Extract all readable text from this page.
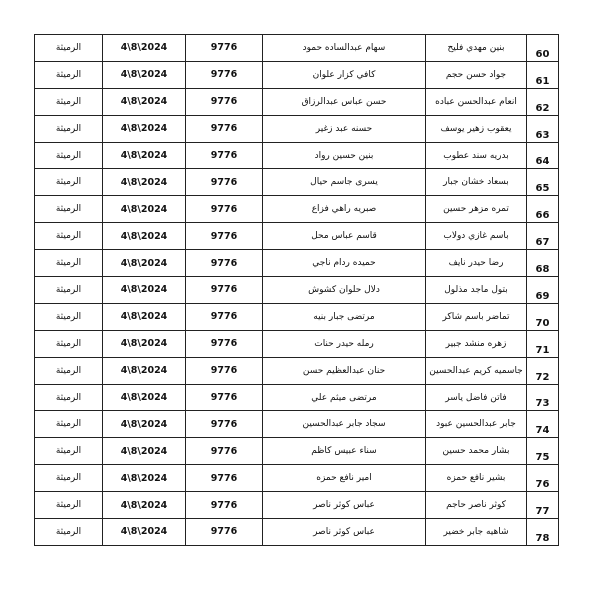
الرميثة	4\8\2024	9776	سهام عبدالساده حمود	بنين مهدي فليح	60
الرميثة	4\8\2024	9776	كافي كزار علوان	جواد حسن حجم	61
الرميثة	4\8\2024	9776	حسن عباس عبدالرزاق	انعام عبدالحسن عباده	62
الرميثة	4\8\2024	9776	حسنه عبد زغير	يعقوب زهير يوسف	63
الرميثة	4\8\2024	9776	بنين حسين رواد	بدريه سند عطوب	64
الرميثة	4\8\2024	9776	يسرى جاسم حيال	بسعاد خشان جبار	65
الرميثة	4\8\2024	9776	صبريه راهي فزاع	تمره مزهر حسين	66
الرميثة	4\8\2024	9776	قاسم عباس محل	باسم غازي دولاب	67
الرميثة	4\8\2024	9776	حميده ردام ناجي	رضا حيدر نايف	68
الرميثة	4\8\2024	9776	دلال حلوان كشوش	بتول ماجد مذلول	69
الرميثة	4\8\2024	9776	مرتضى جبار بنيه	تماضر باسم شاكر	70
الرميثة	4\8\2024	9776	رمله حيدر حنات	زهره منشد جبير	71
الرميثة	4\8\2024	9776	حنان عبدالعظيم حسن	جاسميه كريم عبدالحسين	72
الرميثة	4\8\2024	9776	مرتضى ميثم علي	فاتن فاضل ياسر	73
الرميثة	4\8\2024	9776	سجاد جابر عبدالحسين	جابر عبدالحسين عبود	74
الرميثة	4\8\2024	9776	سناء عبيس كاظم	بشار محمد حسين	75
الرميثة	4\8\2024	9776	امير نافع حمزه	بشير نافع حمزه	76
الرميثة	4\8\2024	9776	عباس كوثر ناصر	كوثر ناصر حاجم	77
الرميثة	4\8\2024	9776	عباس كوثر ناصر	شاهيه جابر خضير	78
